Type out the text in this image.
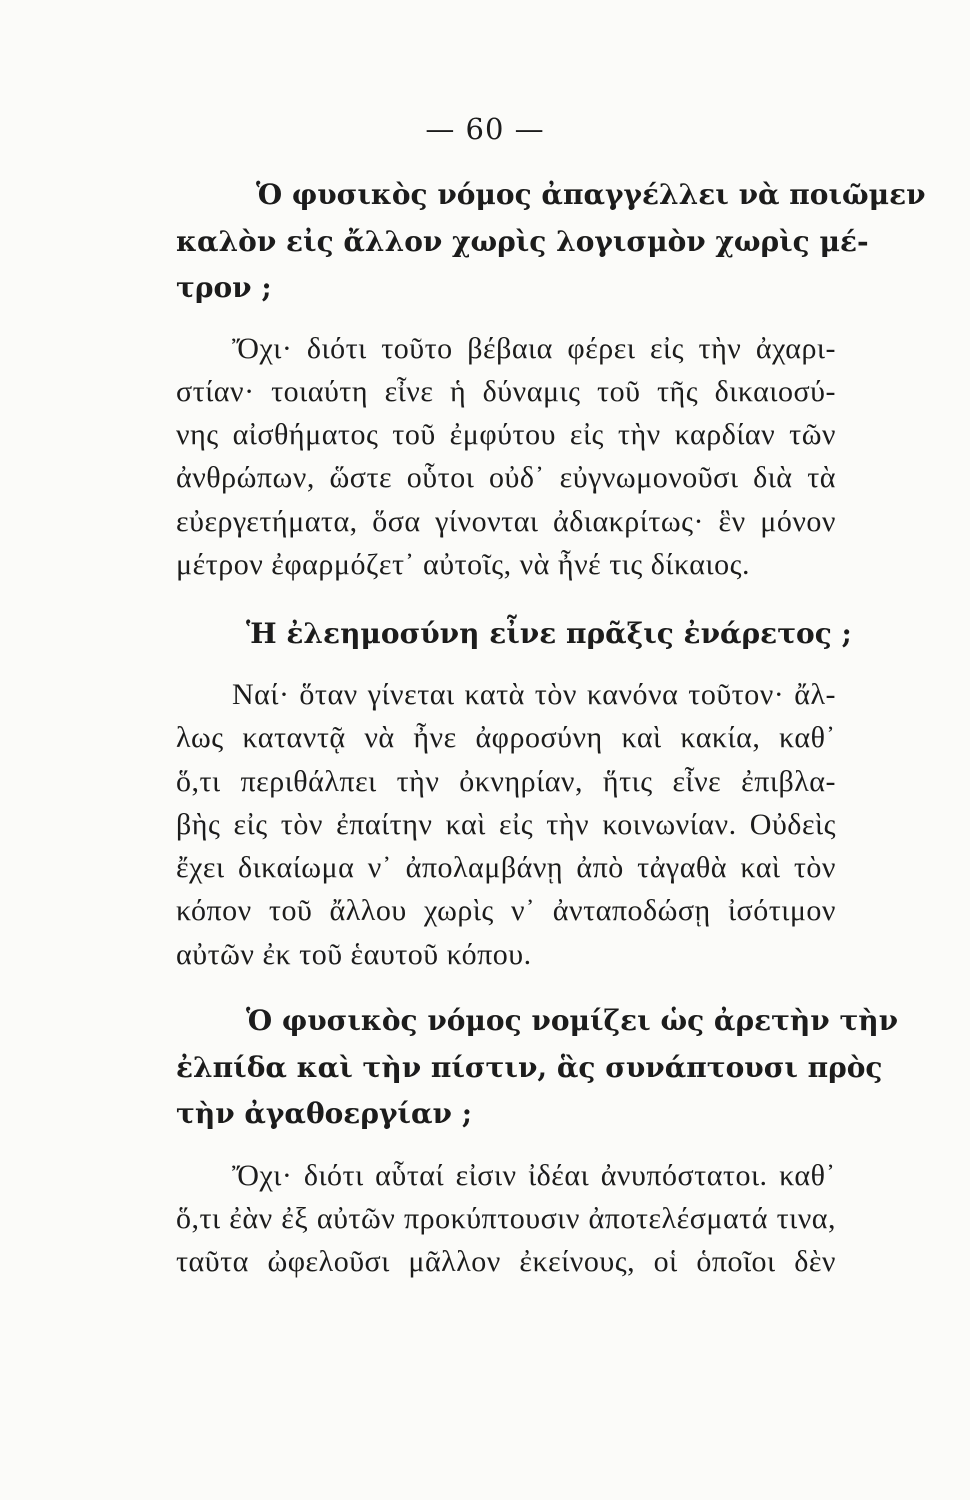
— 60 —
Ὁ φυσικὸς νόμος ἀπαγγέλλει νὰ ποιῶμεν
καλὸν εἰς ἄλλον χωρὶς λογισμὸν χωρὶς μέ-
τρον ;
Ὄχι· διότι τοῦτο βέβαια φέρει εἰς τὴν ἀχαρι-
στίαν· τοιαύτη εἶνε ἡ δύναμις τοῦ τῆς δικαιοσύ-
νης αἰσθήματος τοῦ ἐμφύτου εἰς τὴν καρδίαν τῶν
ἀνθρώπων, ὥστε οὗτοι οὐδ᾽ εὐγνωμονοῦσι διὰ τὰ
εὐεργετήματα, ὅσα γίνονται ἀδιακρίτως· ἓν μόνον
μέτρον ἐφαρμόζετ᾽ αὐτοῖς, νὰ ἦνέ τις δίκαιος.
Ἡ ἐλεημοσύνη εἶνε πρᾶξις ἐνάρετος ;
Ναί· ὅταν γίνεται κατὰ τὸν κανόνα τοῦτον· ἄλ-
λως καταντᾷ νὰ ἦνε ἀφροσύνη καὶ κακία, καθ᾽
ὅ,τι περιθάλπει τὴν ὀκνηρίαν, ἥτις εἶνε ἐπιβλα-
βὴς εἰς τὸν ἐπαίτην καὶ εἰς τὴν κοινωνίαν. Οὐδεὶς
ἔχει δικαίωμα ν᾽ ἀπολαμβάνῃ ἀπὸ τἀγαθὰ καὶ τὸν
κόπον τοῦ ἄλλου χωρὶς ν᾽ ἀνταποδώσῃ ἰσότιμον
αὐτῶν ἐκ τοῦ ἑαυτοῦ κόπου.
Ὁ φυσικὸς νόμος νομίζει ὡς ἀρετὴν τὴν
ἐλπίδα καὶ τὴν πίστιν, ἃς συνάπτουσι πρὸς
τὴν ἀγαθοεργίαν ;
Ὄχι· διότι αὗταί εἰσιν ἰδέαι ἀνυπόστατοι. καθ᾽
ὅ,τι ἐὰν ἐξ αὐτῶν προκύπτουσιν ἀποτελέσματά τινα,
ταῦτα ὠφελοῦσι μᾶλλον ἐκείνους, οἱ ὁποῖοι δὲν
